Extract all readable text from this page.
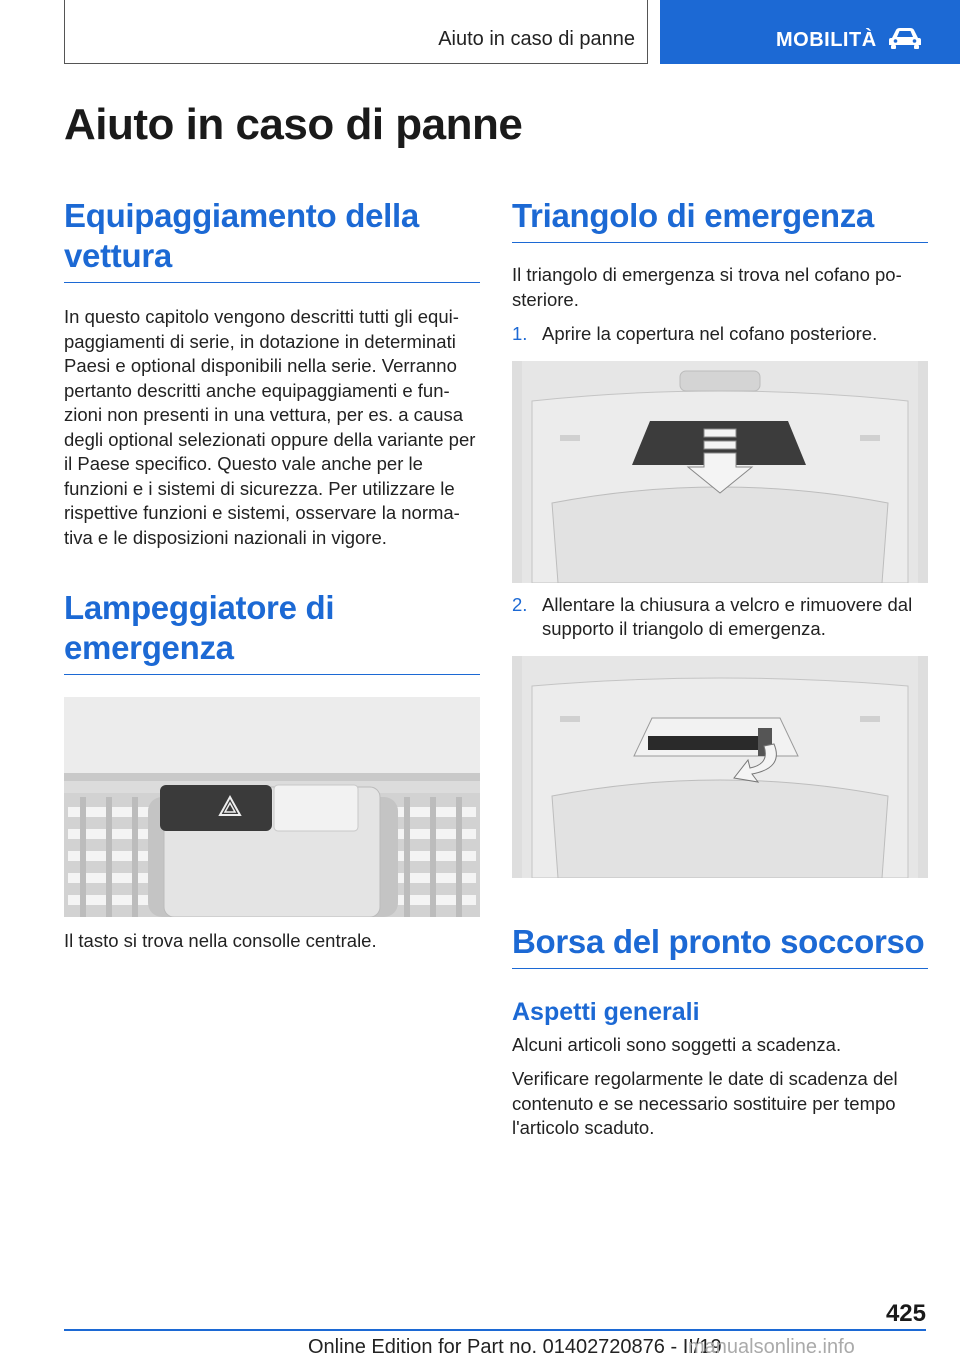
Aiuto in caso di panne	MOBILITÀ
Aiuto in caso di panne
Equipaggiamento della vettura

In questo capitolo vengono descritti tutti gli equi-paggiamenti di serie, in dotazione in determinati Paesi e optional disponibili nella serie. Verranno pertanto descritti anche equipaggiamenti e fun-zioni non presenti in una vettura, per es. a causa degli optional selezionati oppure della variante per il Paese specifico. Questo vale anche per le funzioni e i sistemi di sicurezza. Per utilizzare le rispettive funzioni e sistemi, osservare la norma-tiva e le disposizioni nazionali in vigore.

Lampeggiatore di emergenza

Il tasto si trova nella consolle centrale.

Triangolo di emergenza

Il triangolo di emergenza si trova nel cofano po-steriore.

1. Aprire la copertura nel cofano posteriore.
2. Allentare la chiusura a velcro e rimuovere dal supporto il triangolo di emergenza.
Borsa del pronto soccorso
Aspetti generali

Alcuni articoli sono soggetti a scadenza.

Verificare regolarmente le date di scadenza del contenuto e se necessario sostituire per tempo l'articolo scaduto.

425
Online Edition for Part no. 01402720876 - II/19
manualsonline.info
